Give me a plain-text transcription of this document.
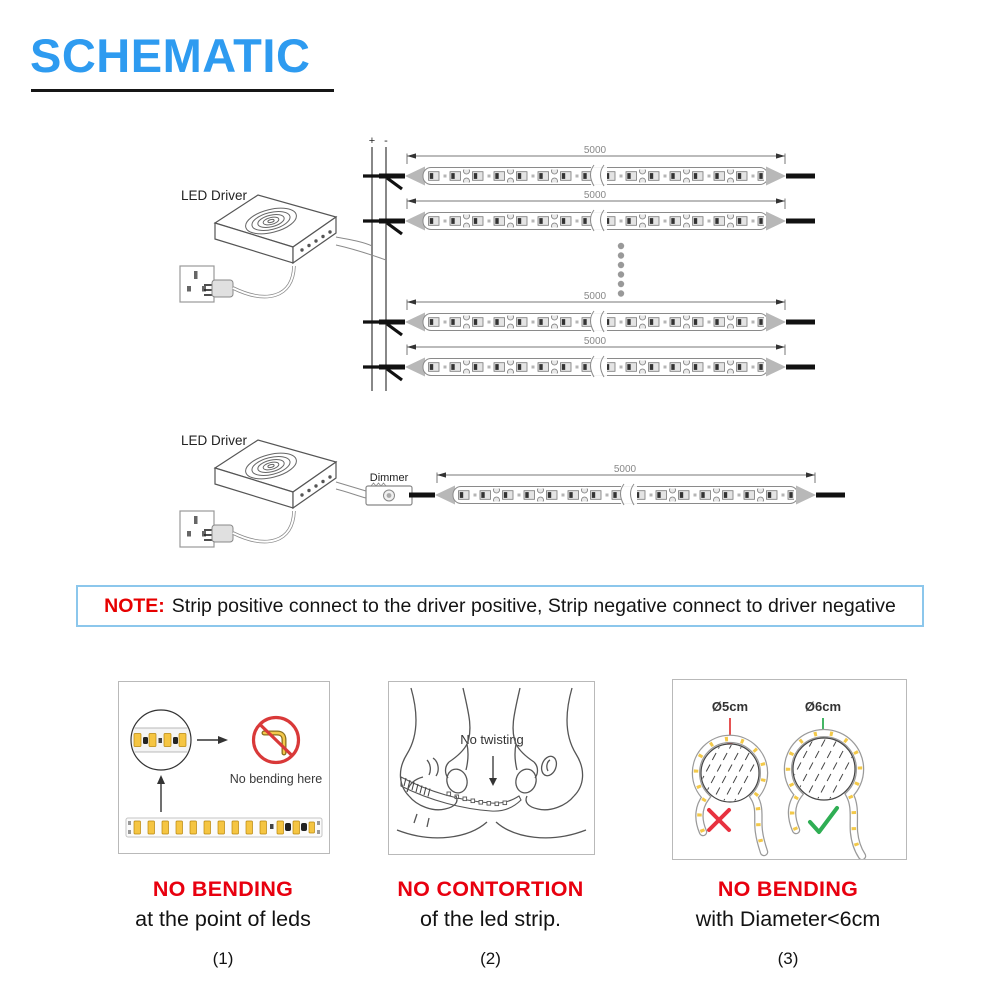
SCHEMATIC
+ -
LED Driver
5000
5000
5000
5000
LED Driver
Dimmer
5000
NOTE: Strip positive connect to the driver positive, Strip negative connect to driver negative
No bending here
No twisting
Ø5cm	Ø6cm
NO BENDING
at the point of leds
(1)
NO CONTORTION
of the led strip.
(2)
NO BENDING
with Diameter<6cm
(3)
